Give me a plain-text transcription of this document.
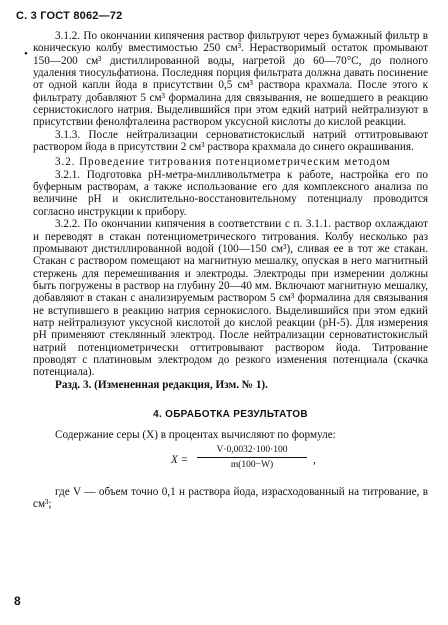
С. 3 ГОСТ 8062—72
•

3.1.2. По окончании кипячения раствор фильтруют через бумажный фильтр в коническую колбу вместимостью 250 см³. Нерастворимый остаток промывают 150—200 см³ дистиллированной воды, нагретой до 60—70°С, до полного удаления тиосульфатиона. Последняя порция фильтрата должна давать посинение от одной капли йода в присутствии 0,5 см³ раствора крахмала. После этого к фильтрату добавляют 5 см³ формалина для связывания, не вошедшего в реакцию сернистокислого натрия. Выделившийся при этом едкий натрий нейтрализуют в присутствии фенолфталеина раствором уксусной кислоты до кислой реакции.

3.1.3. После нейтрализации серноватистокислый натрий оттитровывают раствором йода в присутствии 2 см³ раствора крахмала до синего окрашивания.

3.2. Проведение титрования потенциометрическим методом

3.2.1. Подготовка рН-метра-милливольтметра к работе, настройка его по буферным растворам, а также использование его для комплексного анализа по величине рН и окислительно-восстановительному потенциалу проводится согласно инструкции к прибору.

3.2.2. По окончании кипячения в соответствии с п. 3.1.1. раствор охлаждают и переводят в стакан потенциометрического титрования. Колбу несколько раз промывают дистиллированной водой (100—150 см³), сливая ее в тот же стакан. Стакан с раствором помещают на магнитную мешалку, опуская в него магнитный стержень для перемешивания и электроды. Электроды при измерении должны быть погружены в раствор на глубину 20—40 мм. Включают магнитную мешалку, добавляют в стакан с анализируемым раствором 5 см³ формалина для связывания не вступившего в реакцию натрия сернокислого. Выделившийся при этом едкий натр нейтрализуют уксусной кислотой до кислой реакции (рН-5). Для измерения рН применяют стеклянный электрод. После нейтрализации серноватистокислый натрий потенциометрически оттитровывают раствором йода. Титрование проводят с платиновым электродом до резкого изменения потенциала (скачка потенциала).

Разд. 3. (Измененная редакция, Изм. № 1).

4. ОБРАБОТКА РЕЗУЛЬТАТОВ

Содержание серы (X) в процентах вычисляют по формуле:

$X = \frac{V\cdot 0,0032\cdot 100\cdot 100}{m(100-W)}$ ,

где V — объем точно 0,1 н раствора йода, израсходованный на титрование, в см³;

8
